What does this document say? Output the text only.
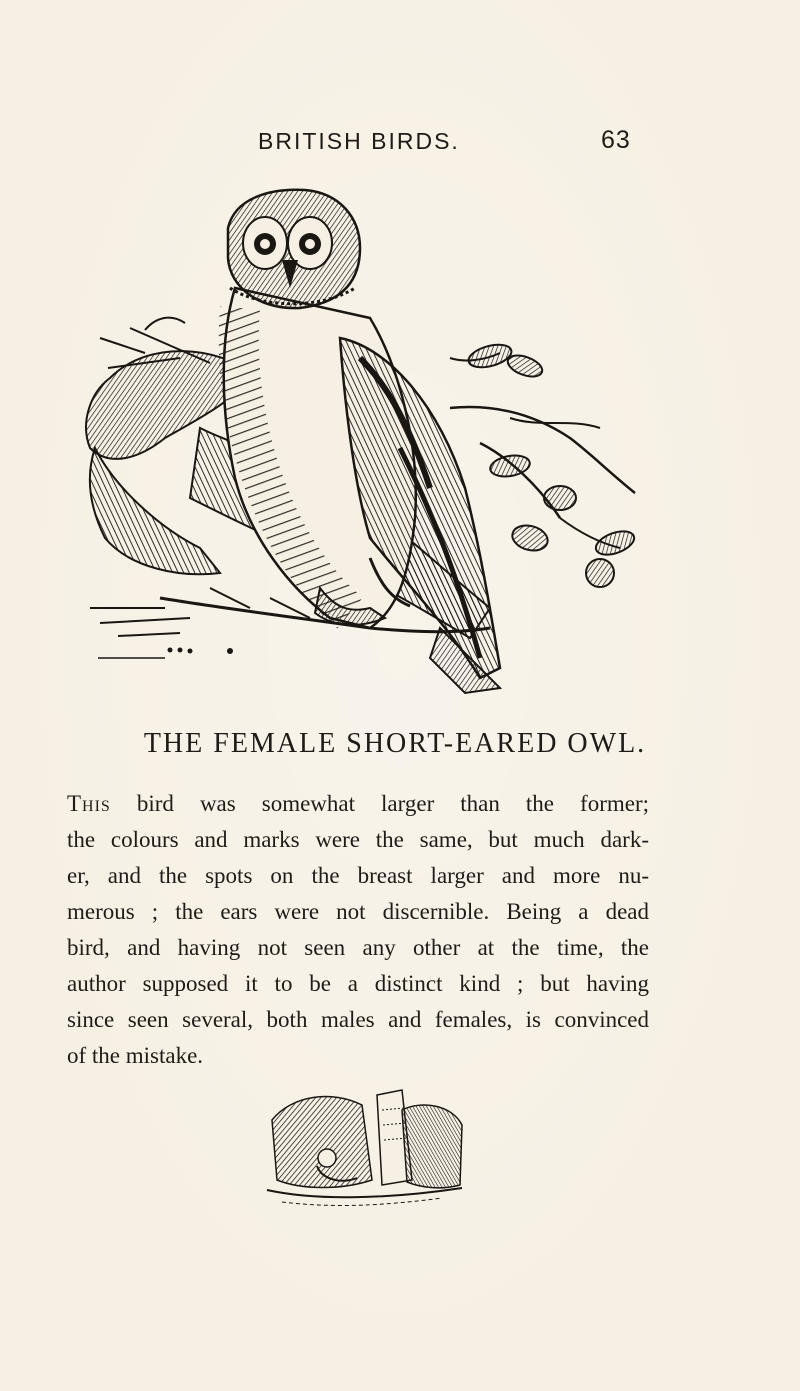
BRITISH BIRDS.	63
THE FEMALE SHORT-EARED OWL.

This bird was somewhat larger than the former;
the colours and marks were the same, but much dark-
er, and the spots on the breast larger and more nu-
merous ; the ears were not discernible. Being a dead
bird, and having not seen any other at the time, the
author supposed it to be a distinct kind ; but having
since seen several, both males and females, is convinced
of the mistake.
